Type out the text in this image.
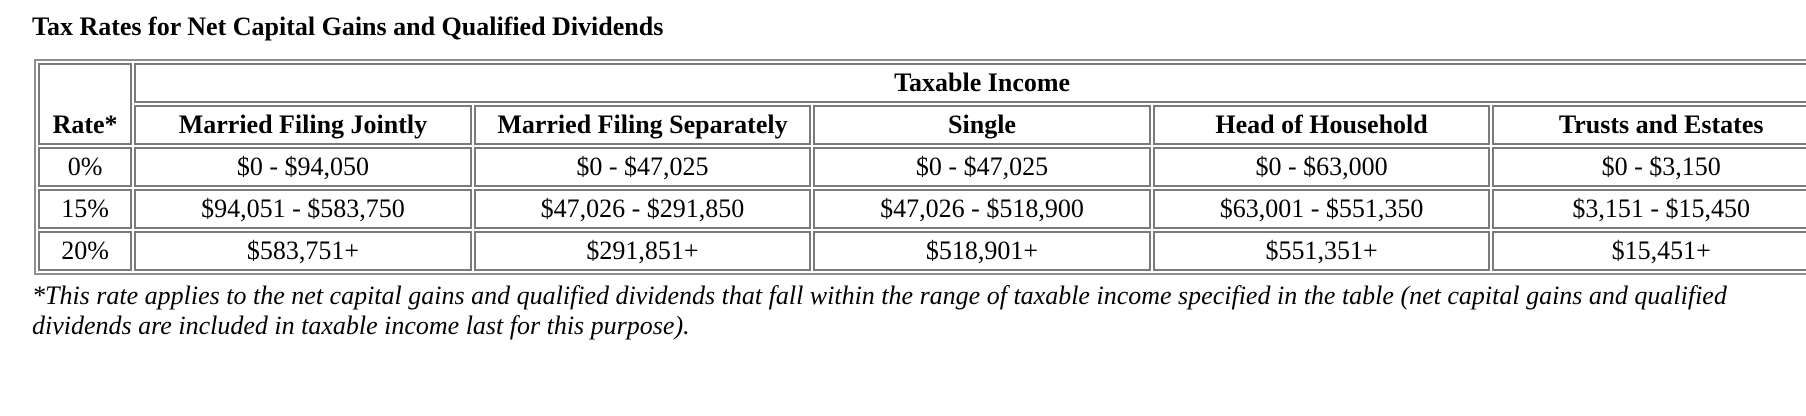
Tax Rates for Net Capital Gains and Qualified Dividends
Rate*	Taxable Income				
	Married Filing Jointly	Married Filing Separately	Single	Head of Household	Trusts and Estates
0%	$0 - $94,050	$0 - $47,025	$0 - $47,025	$0 - $63,000	$0 - $3,150
15%	$94,051 - $583,750	$47,026 - $291,850	$47,026 - $518,900	$63,001 - $551,350	$3,151 - $15,450
20%	$583,751+	$291,851+	$518,901+	$551,351+	$15,451+
*This rate applies to the net capital gains and qualified dividends that fall within the range of taxable income specified in the table (net capital gains and qualified dividends are included in taxable income last for this purpose).
